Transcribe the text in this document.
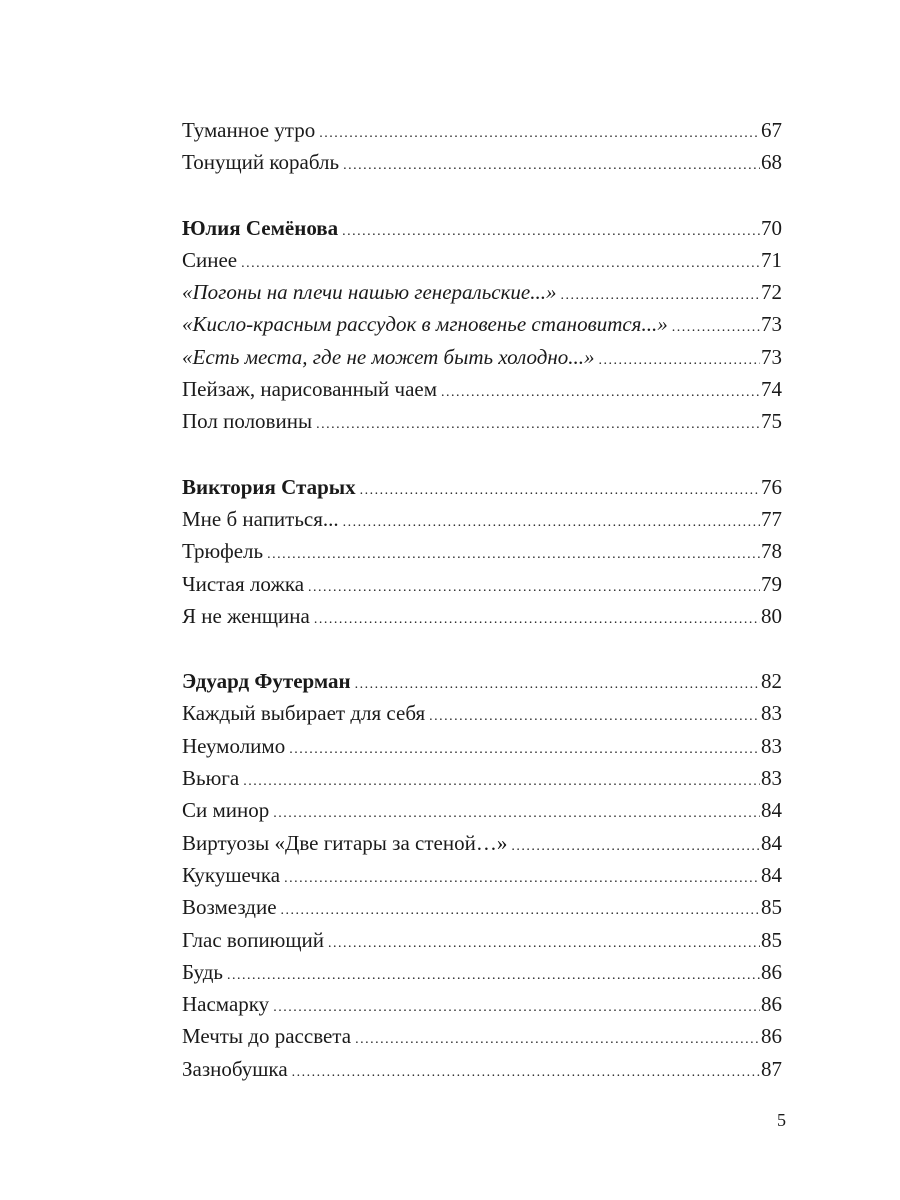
Туманное утро .....	67
Тонущий корабль .....	68
Юлия Семёнова .....	70
Синее .....	71
«Погоны на плечи нашью генеральские...» .....	72
«Кисло-красным рассудок в мгновенье становится...» .....	73
«Есть места, где не может быть холодно...» .....	73
Пейзаж, нарисованный чаем .....	74
Пол половины .....	75
Виктория Старых .....	76
Мне б напиться... .....	77
Трюфель .....	78
Чистая ложка .....	79
Я не женщина .....	80
Эдуард Футерман .....	82
Каждый выбирает для себя .....	83
Неумолимо .....	83
Вьюга .....	83
Си минор .....	84
Виртуозы «Две гитары за стеной…» .....	84
Кукушечка .....	84
Возмездие .....	85
Глас вопиющий .....	85
Будь .....	86
Насмарку .....	86
Мечты до рассвета .....	86
Зазнобушка .....	87
5
